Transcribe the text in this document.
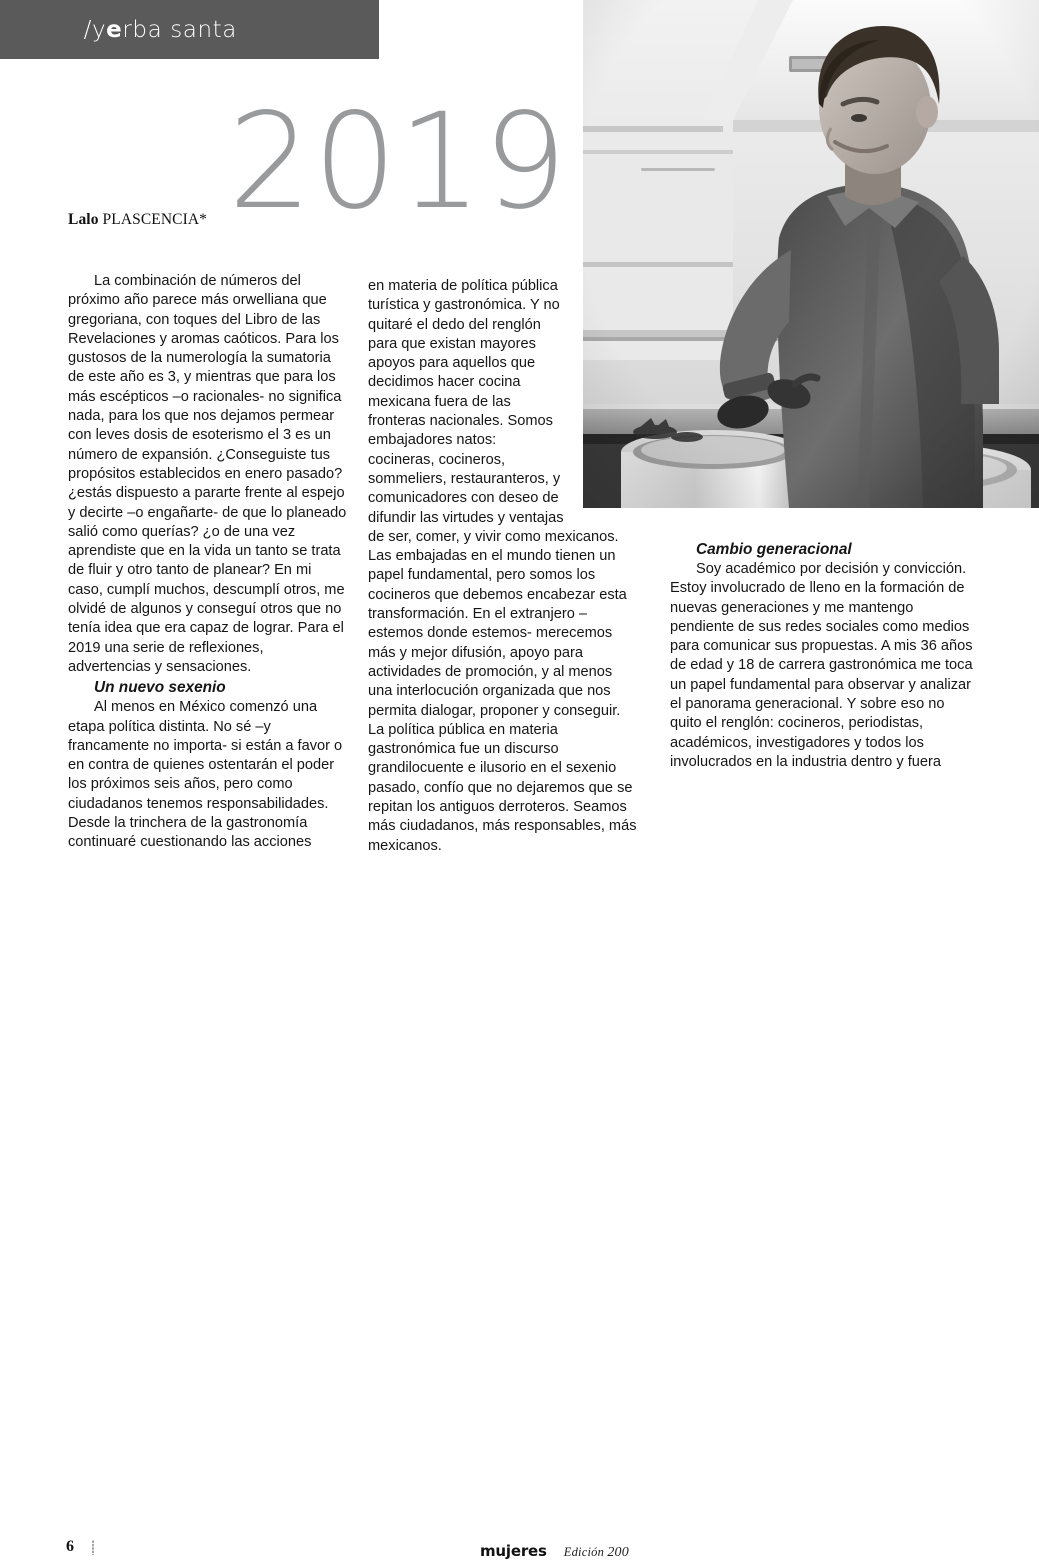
/yerba santa
2019
Lalo PLASCENCIA*

La combinación de números del próximo año parece más orwelliana que gregoriana, con toques del Libro de las Revelaciones y aromas caóticos. Para los gustosos de la numerología la sumatoria de este año es 3, y mientras que para los más escépticos –o racionales- no significa nada, para los que nos dejamos permear con leves dosis de esoterismo el 3 es un número de expansión. ¿Conseguiste tus propósitos establecidos en enero pasado? ¿estás dispuesto a pararte frente al espejo y decirte –o engañarte- de que lo planeado salió como querías? ¿o de una vez aprendiste que en la vida un tanto se trata de fluir y otro tanto de planear? En mi caso, cumplí muchos, descumplí otros, me olvidé de algunos y conseguí otros que no tenía idea que era capaz de lograr. Para el 2019 una serie de reflexiones, advertencias y sensaciones.

Un nuevo sexenio

Al menos en México comenzó una etapa política distinta. No sé –y francamente no importa- si están a favor o en contra de quienes ostentarán el poder los próximos seis años, pero como ciudadanos tenemos responsabilidades. Desde la trinchera de la gastronomía continuaré cuestionando las acciones

en materia de política pública turística y gastronómica. Y no quitaré el dedo del renglón para que existan mayores apoyos para aquellos que decidimos hacer cocina mexicana fuera de las fronteras nacionales. Somos embajadores natos: cocineras, cocineros, sommeliers, restauranteros, y comunicadores con deseo de difundir las virtudes y ventajas de ser, comer, y vivir como mexicanos. Las embajadas en el mundo tienen un papel fundamental, pero somos los cocineros que debemos encabezar esta transformación. En el extranjero –estemos donde estemos- merecemos más y mejor difusión, apoyo para actividades de promoción, y al menos una interlocución organizada que nos permita dialogar, proponer y conseguir. La política pública en materia gastronómica fue un discurso grandilocuente e ilusorio en el sexenio pasado, confío que no dejaremos que se repitan los antiguos derroteros. Seamos más ciudadanos, más responsables, más mexicanos.

Cambio generacional

Soy académico por decisión y convicción. Estoy involucrado de lleno en la formación de nuevas generaciones y me mantengo pendiente de sus redes sociales como medios para comunicar sus propuestas. A mis 36 años de edad y 18 de carrera gastronómica me toca un papel fundamental para observar y analizar el panorama generacional. Y sobre eso no quito el renglón: cocineros, periodistas, académicos, investigadores y todos los involucrados en la industria dentro y fuera

6	mujeres Edición 200
